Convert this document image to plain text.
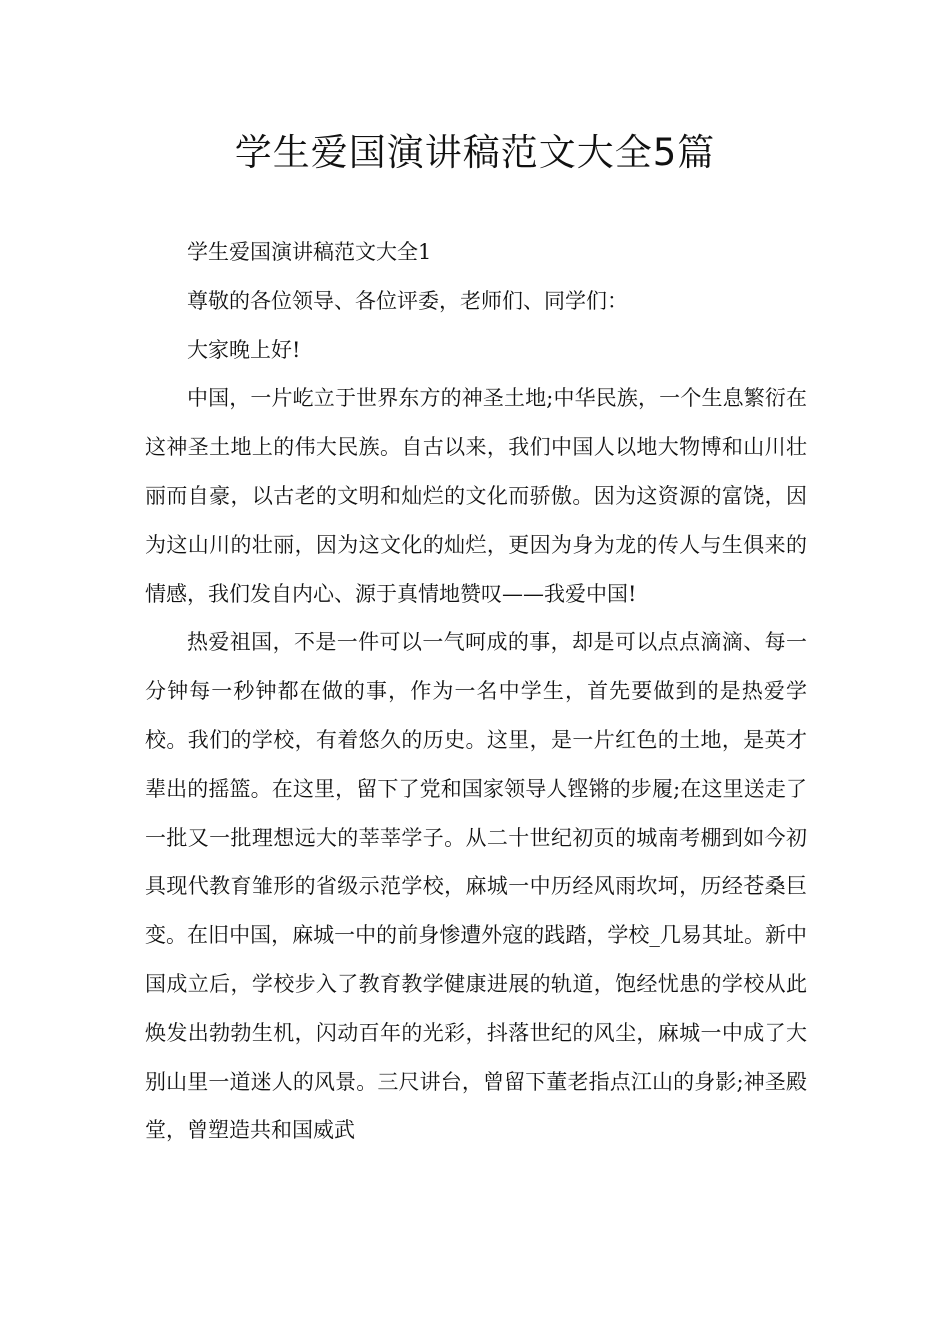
学生爱国演讲稿范文大全5篇

学生爱国演讲稿范文大全1

尊敬的各位领导、各位评委，老师们、同学们：

大家晚上好!

中国，一片屹立于世界东方的神圣土地;中华民族，一个生息繁衍在这神圣土地上的伟大民族。自古以来，我们中国人以地大物博和山川壮丽而自豪，以古老的文明和灿烂的文化而骄傲。因为这资源的富饶，因为这山川的壮丽，因为这文化的灿烂，更因为身为龙的传人与生俱来的情感，我们发自内心、源于真情地赞叹——我爱中国!

热爱祖国，不是一件可以一气呵成的事，却是可以点点滴滴、每一分钟每一秒钟都在做的事，作为一名中学生，首先要做到的是热爱学校。我们的学校，有着悠久的历史。这里，是一片红色的土地，是英才辈出的摇篮。在这里，留下了党和国家领导人铿锵的步履;在这里送走了一批又一批理想远大的莘莘学子。从二十世纪初页的城南考棚到如今初具现代教育雏形的省级示范学校，麻城一中历经风雨坎坷，历经苍桑巨变。在旧中国，麻城一中的前身惨遭外寇的践踏，学校_几易其址。新中国成立后，学校步入了教育教学健康进展的轨道，饱经忧患的学校从此焕发出勃勃生机，闪动百年的光彩，抖落世纪的风尘，麻城一中成了大别山里一道迷人的风景。三尺讲台，曾留下董老指点江山的身影;神圣殿堂，曾塑造共和国威武
